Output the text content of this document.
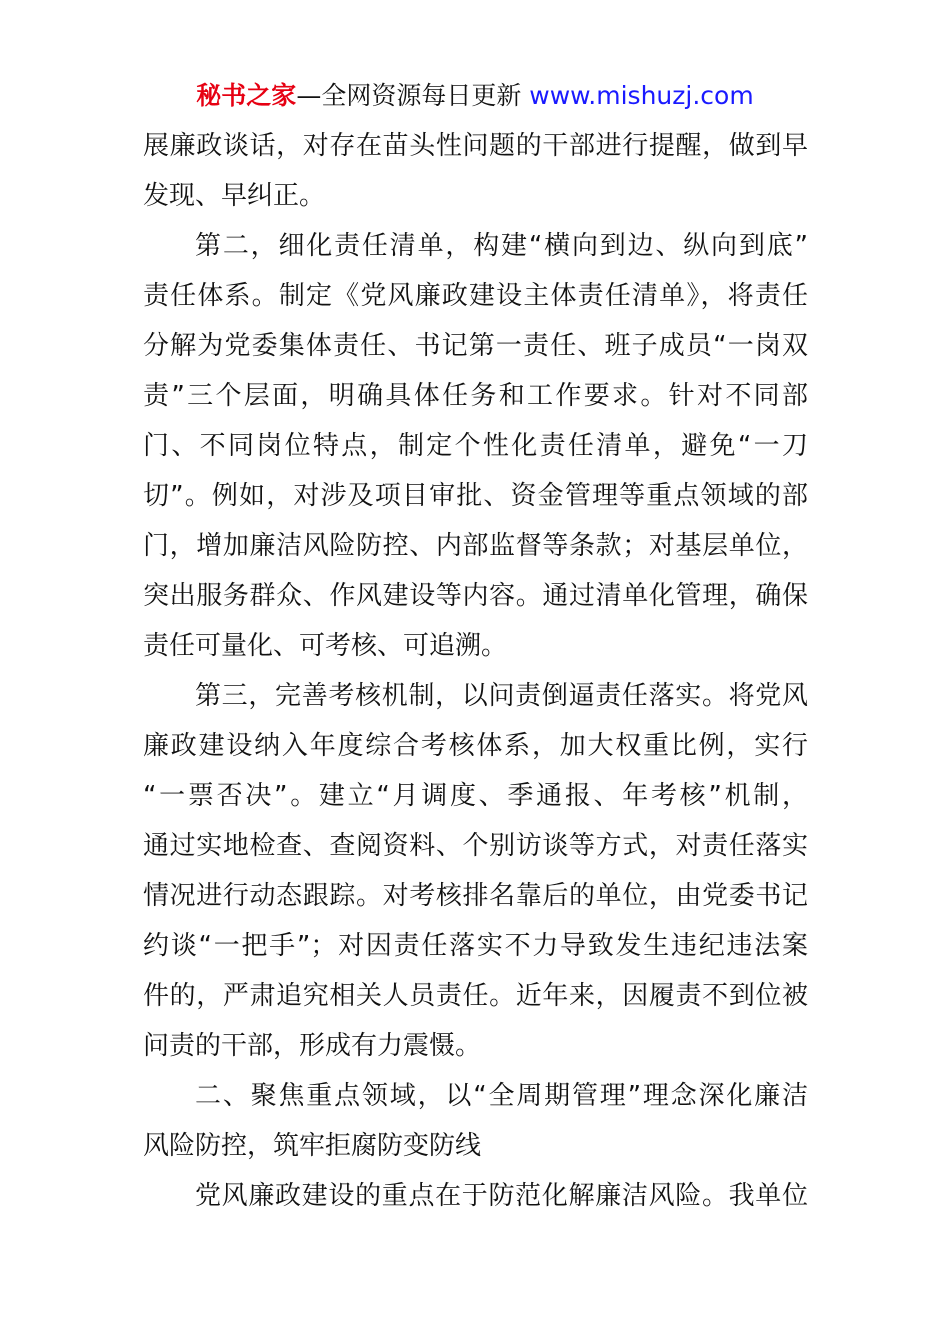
秘书之家—全网资源每日更新 www.mishuzj.com
展廉政谈话，对存在苗头性问题的干部进行提醒，做到早
发现、早纠正。
第二，细化责任清单，构建“横向到边、纵向到底”
责任体系。制定《党风廉政建设主体责任清单》，将责任
分解为党委集体责任、书记第一责任、班子成员“一岗双
责”三个层面，明确具体任务和工作要求。针对不同部
门、不同岗位特点，制定个性化责任清单，避免“一刀
切”。例如，对涉及项目审批、资金管理等重点领域的部
门，增加廉洁风险防控、内部监督等条款；对基层单位，
突出服务群众、作风建设等内容。通过清单化管理，确保
责任可量化、可考核、可追溯。
第三，完善考核机制，以问责倒逼责任落实。将党风
廉政建设纳入年度综合考核体系，加大权重比例，实行
“一票否决”。建立“月调度、季通报、年考核”机制，
通过实地检查、查阅资料、个别访谈等方式，对责任落实
情况进行动态跟踪。对考核排名靠后的单位，由党委书记
约谈“一把手”；对因责任落实不力导致发生违纪违法案
件的，严肃追究相关人员责任。近年来，因履责不到位被
问责的干部，形成有力震慑。
二、聚焦重点领域，以“全周期管理”理念深化廉洁
风险防控，筑牢拒腐防变防线
党风廉政建设的重点在于防范化解廉洁风险。我单位
